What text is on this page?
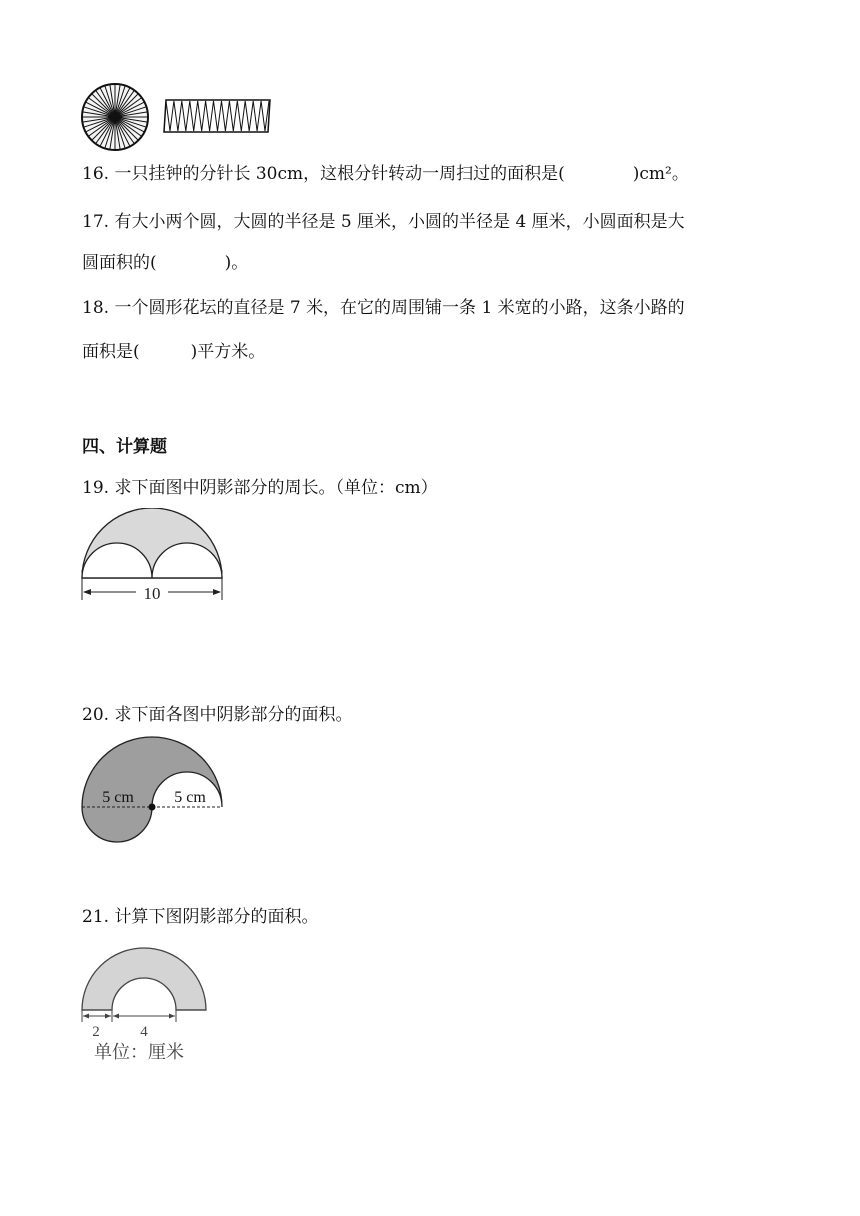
16. 一只挂钟的分针长 30cm，这根分针转动一周扫过的面积是(　　　　)cm²。
17. 有大小两个圆，大圆的半径是 5 厘米，小圆的半径是 4 厘米，小圆面积是大
圆面积的(　　　　)。
18. 一个圆形花坛的直径是 7 米，在它的周围铺一条 1 米宽的小路，这条小路的
面积是(　　　)平方米。
四、计算题
19. 求下面图中阴影部分的周长。（单位：cm）
10
20. 求下面各图中阴影部分的面积。
5 cm	5 cm
21. 计算下图阴影部分的面积。
2	4
单位：厘米
